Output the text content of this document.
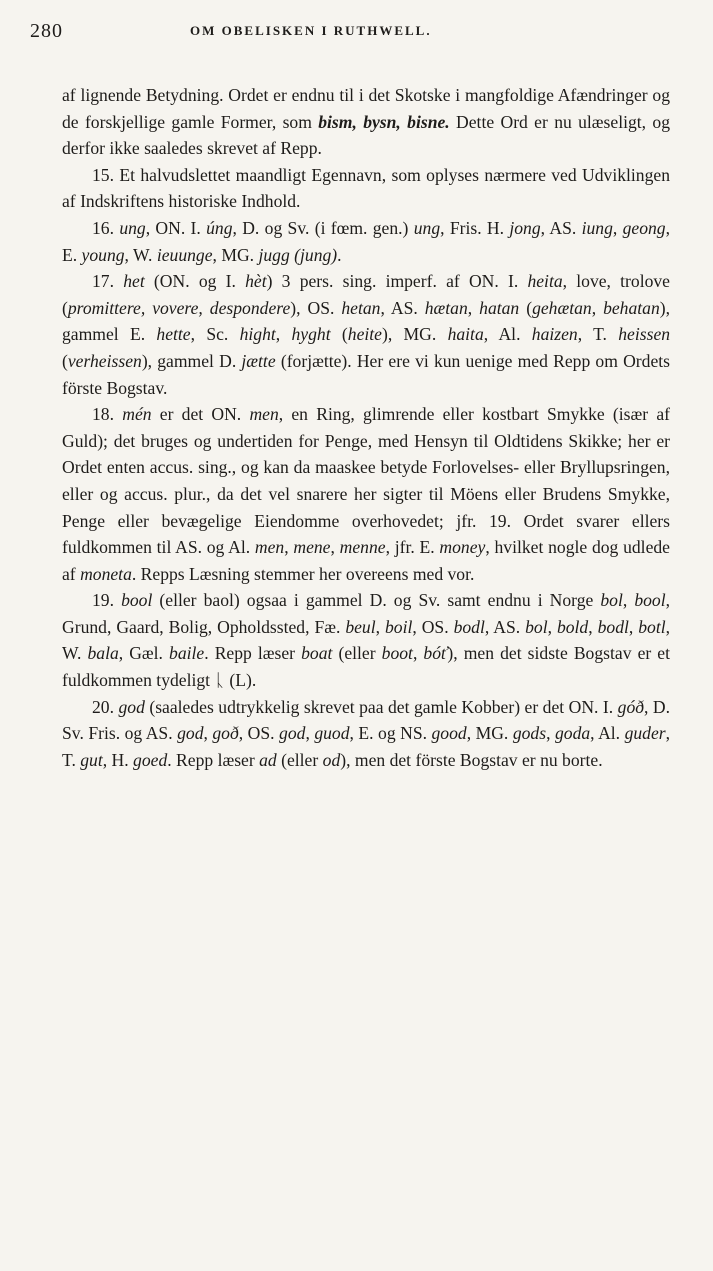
280	OM OBELISKEN I RUTHWELL.

af lignende Betydning. Ordet er endnu til i det Skotske i mangfoldige Afændringer og de forskjellige gamle Former, som bism, bysn, bisne. Dette Ord er nu ulæseligt, og derfor ikke saaledes skrevet af Repp.

15. Et halvudslettet maandligt Egennavn, som oplyses nærmere ved Udviklingen af Indskriftens historiske Indhold.

16. ung, ON. I. úng, D. og Sv. (i fœm. gen.) ung, Fris. H. jong, AS. iung, geong, E. young, W. ieuunge, MG. jugg (jung).

17. het (ON. og I. hèt) 3 pers. sing. imperf. af ON. I. heita, love, trolove (promittere, vovere, despondere), OS. hetan, AS. hætan, hatan (gehætan, behatan), gammel E. hette, Sc. hight, hyght (heite), MG. haita, Al. haizen, T. heissen (verheissen), gammel D. jætte (forjætte). Her ere vi kun uenige med Repp om Ordets förste Bogstav.

18. mén er det ON. men, en Ring, glimrende eller kostbart Smykke (især af Guld); det bruges og undertiden for Penge, med Hensyn til Oldtidens Skikke; her er Ordet enten accus. sing., og kan da maaskee betyde Forlovelses- eller Bryllupsringen, eller og accus. plur., da det vel snarere her sigter til Möens eller Brudens Smykke, Penge eller bevægelige Eiendomme overhovedet; jfr. 19. Ordet svarer ellers fuldkommen til AS. og Al. men, mene, menne, jfr. E. money, hvilket nogle dog udlede af moneta. Repps Læsning stemmer her overeens med vor.

19. bool (eller baol) ogsaa i gammel D. og Sv. samt endnu i Norge bol, bool, Grund, Gaard, Bolig, Opholdssted, Fæ. beul, boil, OS. bodl, AS. bol, bold, bodl, botl, W. bala, Gæl. baile. Repp læser boat (eller boot, bóť), men det sidste Bogstav er et fuldkommen tydeligt ᚳ (L).

20. god (saaledes udtrykkelig skrevet paa det gamle Kobber) er det ON. I. góð, D. Sv. Fris. og AS. god, goð, OS. god, guod, E. og NS. good, MG. gods, goda, Al. guder, T. gut, H. goed. Repp læser ad (eller od), men det förste Bogstav er nu borte.
